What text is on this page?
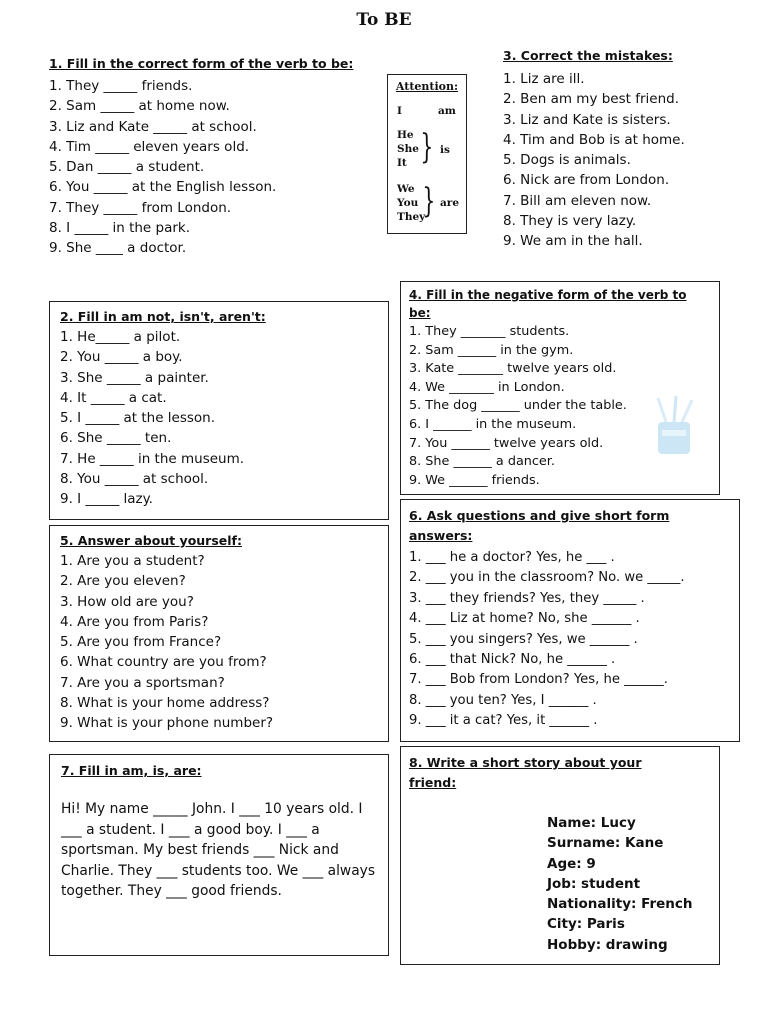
To BE
1. Fill in the correct form of the verb to be:
1. They _____ friends.
2. Sam _____ at home now.
3. Liz and Kate _____ at school.
4. Tim _____ eleven years old.
5. Dan _____ a student.
6. You _____ at the English lesson.
7. They _____ from London.
8. I _____ in the park.
9. She ____ a doctor.
Attention:
I	am
He
She
It } is
We
You
They
} are
3. Correct the mistakes:
1. Liz are ill.
2. Ben am my best friend.
3. Liz and Kate is sisters.
4. Tim and Bob is at home.
5. Dogs is animals.
6. Nick are from London.
7. Bill am eleven now.
8. They is very lazy.
9. We am in the hall.
2. Fill in am not, isn't, aren't:
1. He_____ a pilot.
2. You _____ a boy.
3. She _____ a painter.
4. It _____ a cat.
5. I _____ at the lesson.
6. She _____ ten.
7. He _____ in the museum.
8. You _____ at school.
9. I _____ lazy.
4. Fill in the negative form of the verb to be:
1. They _______ students.
2. Sam ______ in the gym.
3. Kate _______ twelve years old.
4. We _______ in London.
5. The dog ______ under the table.
6. I ______ in the museum.
7. You ______ twelve years old.
8. She ______ a dancer.
9. We ______ friends.
5. Answer about yourself:
1. Are you a student?
2. Are you eleven?
3. How old are you?
4. Are you from Paris?
5. Are you from France?
6. What country are you from?
7. Are you a sportsman?
8. What is your home address?
9. What is your phone number?
6. Ask questions and give short form answers:
1. ___ he a doctor? Yes, he ___ .
2. ___ you in the classroom? No. we _____.
3. ___ they friends? Yes, they _____ .
4. ___ Liz at home? No, she ______ .
5. ___ you singers? Yes, we ______ .
6. ___ that Nick? No, he ______ .
7. ___ Bob from London? Yes, he ______.
8. ___ you ten? Yes, I ______ .
9. ___ it a cat? Yes, it ______ .
7. Fill in am, is, are:
Hi! My name _____ John. I ___ 10 years old. I ___ a student. I ___ a good boy. I ___ a sportsman. My best friends ___ Nick and Charlie. They ___ students too. We ___ always together. They ___ good friends.
8. Write a short story about your friend:
Name: Lucy
Surname: Kane
Age: 9
Job: student
Nationality: French
City: Paris
Hobby: drawing
